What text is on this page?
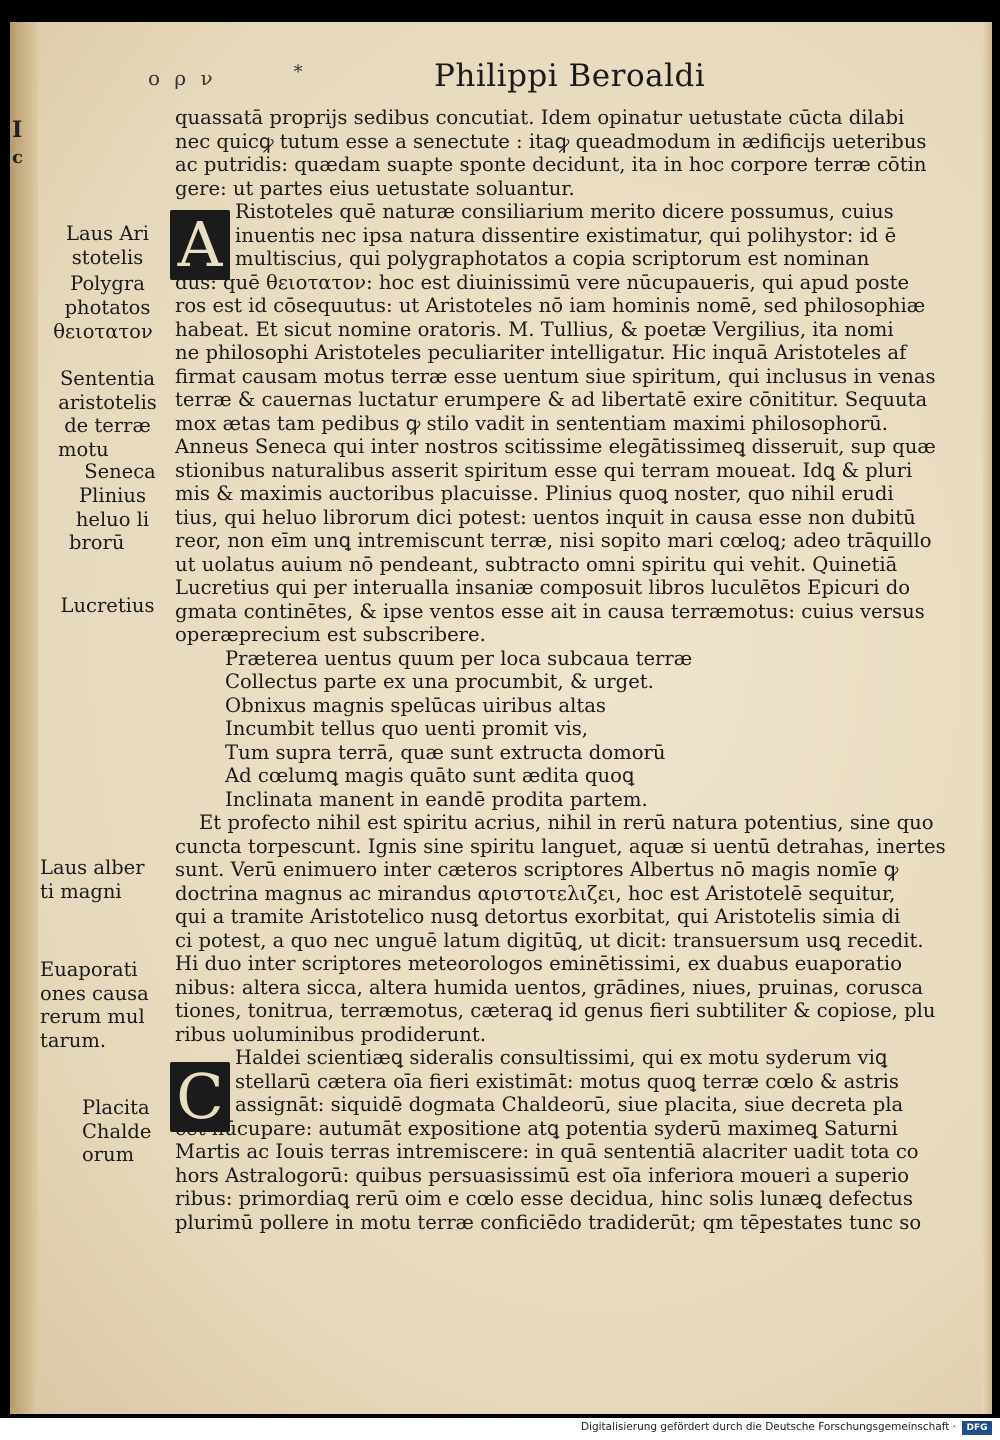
I
c
ο ρ ν	∗	Philippi Beroaldi
A
C
quassatā proprijs sedibus concutiat. Idem opinatur uetustate cūcta dilabi
nec quicꝙ tutum esse a senectute : itaꝙ queadmodum in ædificijs ueteribus
ac putridis: quædam suapte sponte decidunt, ita in hoc corpore terræ cōtin
gere: ut partes eius uetustate soluantur.
Ristoteles quē naturæ consiliarium merito dicere possumus, cuius
inuentis nec ipsa natura dissentire existimatur, qui polihystor: id ē
multiscius, qui polygraphotatos a copia scriptorum est nominan
dus: quē θειοτατον: hoc est diuinissimū vere nūcupaueris, qui apud poste
ros est id cōsequutus: ut Aristoteles nō iam hominis nomē, sed philosophiæ
habeat. Et sicut nomine oratoris. M. Tullius, & poetæ Vergilius, ita nomi
ne philosophi Aristoteles peculiariter intelligatur. Hic inquā Aristoteles af
firmat causam motus terræ esse uentum siue spiritum, qui inclusus in venas
terræ & cauernas luctatur erumpere & ad libertatē exire cōnititur. Sequuta
mox ætas tam pedibus ꝙ stilo vadit in sententiam maximi philosophorū.
Anneus Seneca qui inter nostros scitissime elegātissimeꝗ disseruit, sup quæ
stionibus naturalibus asserit spiritum esse qui terram moueat. Idꝗ & pluri
mis & maximis auctoribus placuisse. Plinius quoꝗ noster, quo nihil erudi
tius, qui heluo librorum dici potest: uentos inquit in causa esse non dubitū
reor, non eīm unꝗ intremiscunt terræ, nisi sopito mari cœloꝗ; adeo trāquillo
ut uolatus auium nō pendeant, subtracto omni spiritu qui vehit. Quinetiā
Lucretius qui per interualla insaniæ composuit libros luculētos Epicuri do
gmata continētes, & ipse ventos esse ait in causa terræmotus: cuius versus
operæprecium est subscribere.
Præterea uentus quum per loca subcaua terræ
Collectus parte ex una procumbit, & urget.
Obnixus magnis spelūcas uiribus altas
Incumbit tellus quo uenti promit vis,
Tum supra terrā, quæ sunt extructa domorū
Ad cœlumꝗ magis quāto sunt ædita quoꝗ
Inclinata manent in eandē prodita partem.
Et profecto nihil est spiritu acrius, nihil in rerū natura potentius, sine quo
cuncta torpescunt. Ignis sine spiritu languet, aquæ si uentū detrahas, inertes
sunt. Verū enimuero inter cæteros scriptores Albertus nō magis nomīe ꝙ
doctrina magnus ac mirandus αριστοτελιζει, hoc est Aristotelē sequitur,
qui a tramite Aristotelico nusꝗ detortus exorbitat, qui Aristotelis simia di
ci potest, a quo nec unguē latum digitūꝗ, ut dicit: transuersum usꝗ recedit.
Hi duo inter scriptores meteorologos eminētissimi, ex duabus euaporatio
nibus: altera sicca, altera humida uentos, grādines, niues, pruinas, corusca
tiones, tonitrua, terræmotus, cæteraꝗ id genus fieri subtiliter & copiose, plu
ribus uoluminibus prodiderunt.
Haldei scientiæꝗ sideralis consultissimi, qui ex motu syderum viꝗ
stellarū cætera oīa fieri existimāt: motus quoꝗ terræ cœlo & astris
assignāt: siquidē dogmata Chaldeorū, siue placita, siue decreta pla
cet nūcupare: autumāt expositione atꝗ potentia syderū maximeꝗ Saturni
Martis ac Iouis terras intremiscere: in quā sententiā alacriter uadit tota co
hors Astralogorū: quibus persuasissimū est oīa inferiora moueri a superio
ribus: primordiaꝗ rerū oim e cœlo esse decidua, hinc solis lunæꝗ defectus
plurimū pollere in motu terræ conficiēdo tradiderūt; qm tēpestates tunc so
Laus Ari
stotelis
Polygra
photatos
θειοτατον
Sententia
aristotelis
de terræ
motu
Seneca
Plinius
heluo li
brorū
Lucretius
Laus alber
ti magni
Euaporati
ones causa
rerum mul
tarum.
Placita
Chalde
orum
Digitalisierung gefördert durch die Deutsche Forschungsgemeinschaft ·	DFG
